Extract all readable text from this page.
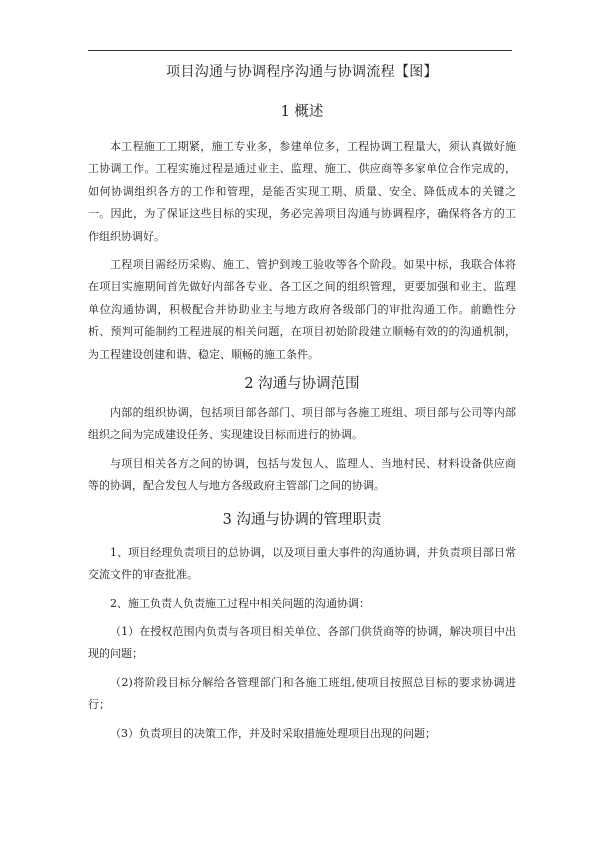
项目沟通与协调程序沟通与协调流程【图】
1 概述

本工程施工工期紧，施工专业多，参建单位多，工程协调工程量大，须认真做好施工协调工作。工程实施过程是通过业主、监理、施工、供应商等多家单位合作完成的，如何协调组织各方的工作和管理，是能否实现工期、质量、安全、降低成本的关键之一。因此，为了保证这些目标的实现，务必完善项目沟通与协调程序，确保将各方的工作组织协调好。

工程项目需经历采购、施工、管护到竣工验收等各个阶段。如果中标，我联合体将在项目实施期间首先做好内部各专业、各工区之间的组织管理，更要加强和业主、监理单位沟通协调，积极配合并协助业主与地方政府各级部门的审批沟通工作。前瞻性分析、预判可能制约工程进展的相关问题，在项目初始阶段建立顺畅有效的的沟通机制，为工程建设创建和谐、稳定、顺畅的施工条件。

2 沟通与协调范围

内部的组织协调，包括项目部各部门、项目部与各施工班组、项目部与公司等内部组织之间为完成建设任务、实现建设目标而进行的协调。

与项目相关各方之间的协调，包括与发包人、监理人、当地村民、材料设备供应商等的协调，配合发包人与地方各级政府主管部门之间的协调。

3 沟通与协调的管理职责

1、项目经理负责项目的总协调，以及项目重大事件的沟通协调，并负责项目部日常交流文件的审查批准。

2、施工负责人负责施工过程中相关问题的沟通协调：

（1）在授权范围内负责与各项目相关单位、各部门供货商等的协调，解决项目中出现的问题；

（2)将阶段目标分解给各管理部门和各施工班组,使项目按照总目标的要求协调进行；

（3）负责项目的决策工作，并及时采取措施处理项目出现的问题；
